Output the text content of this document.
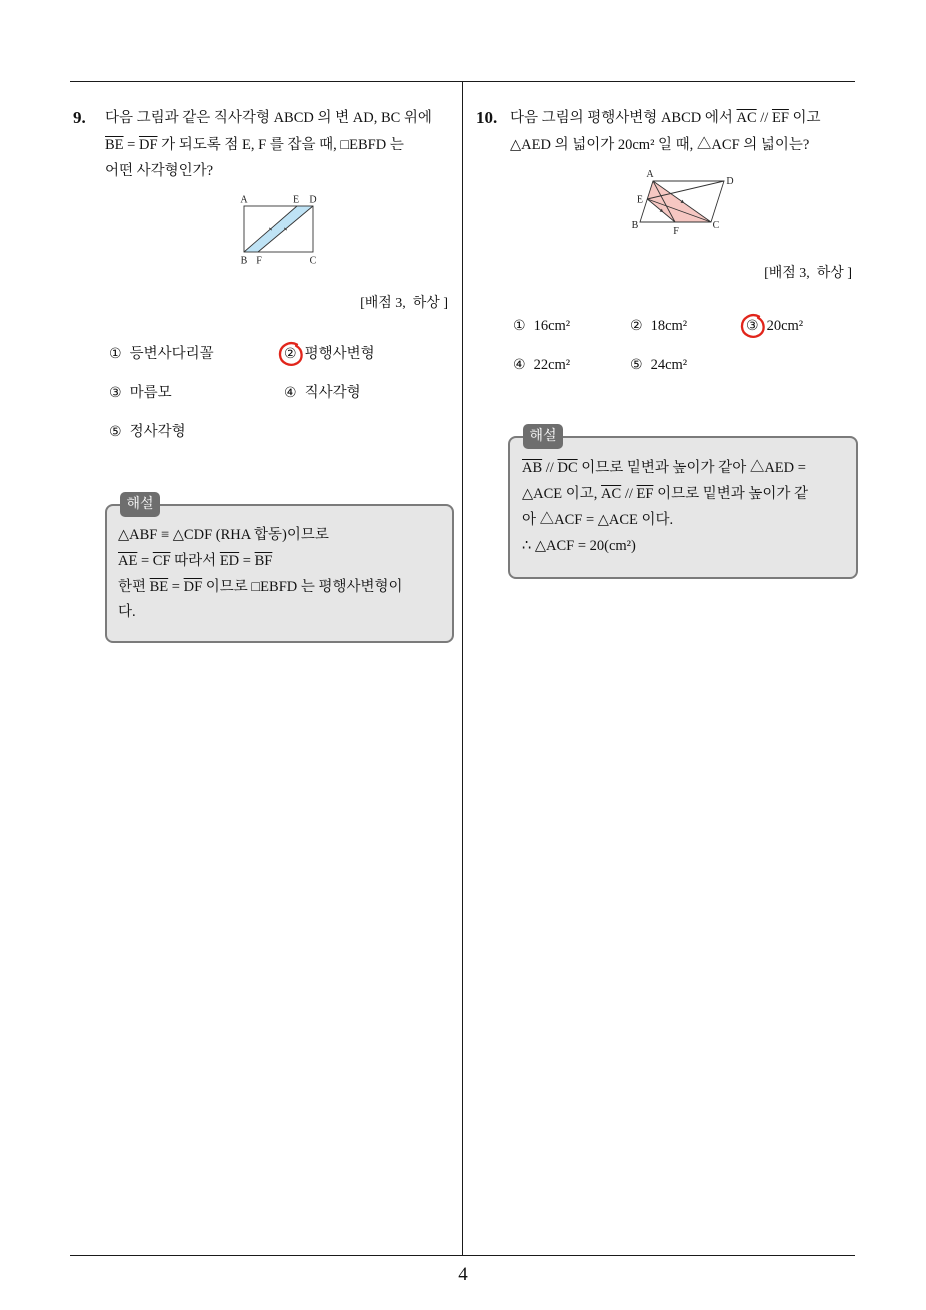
9. 다음 그림과 같은 직사각형 ABCD 의 변 AD, BC 위에
$\overline{BE} = \overline{DF}$ 가 되도록 점 E, F 를 잡을 때, □EBFD 는
어떤 사각형인가?
A	E D
B F	C
[배점 3,  하상 ]
① 등변사다리꼴	② 평행사변형
③ 마름모	④ 직사각형
⑤ 정사각형
해설
△ABF ≡ △CDF (RHA 합동)이므로
$\overline{AE} = \overline{CF}$ 따라서 $\overline{ED} = \overline{BF}$
한편 $\overline{BE} = \overline{DF}$ 이므로 □EBFD 는 평행사변형이
다.
10. 다음 그림의 평행사변형 ABCD 에서 $\overline{AC} // \overline{EF}$ 이고
△AED 의 넓이가 20cm² 일 때, △ACF 의 넓이는?
A
D
E
B
F
C
[배점 3,  하상 ]
① 16cm²	② 18cm²	③ 20cm²
④ 22cm²	⑤ 24cm²
해설
$\overline{AB} // \overline{DC}$ 이므로 밑변과 높이가 같아 △AED =
△ACE 이고, $\overline{AC} // \overline{EF}$ 이므로 밑변과 높이가 같
아 △ACF = △ACE 이다.
∴ △ACF = 20(cm²)
4
